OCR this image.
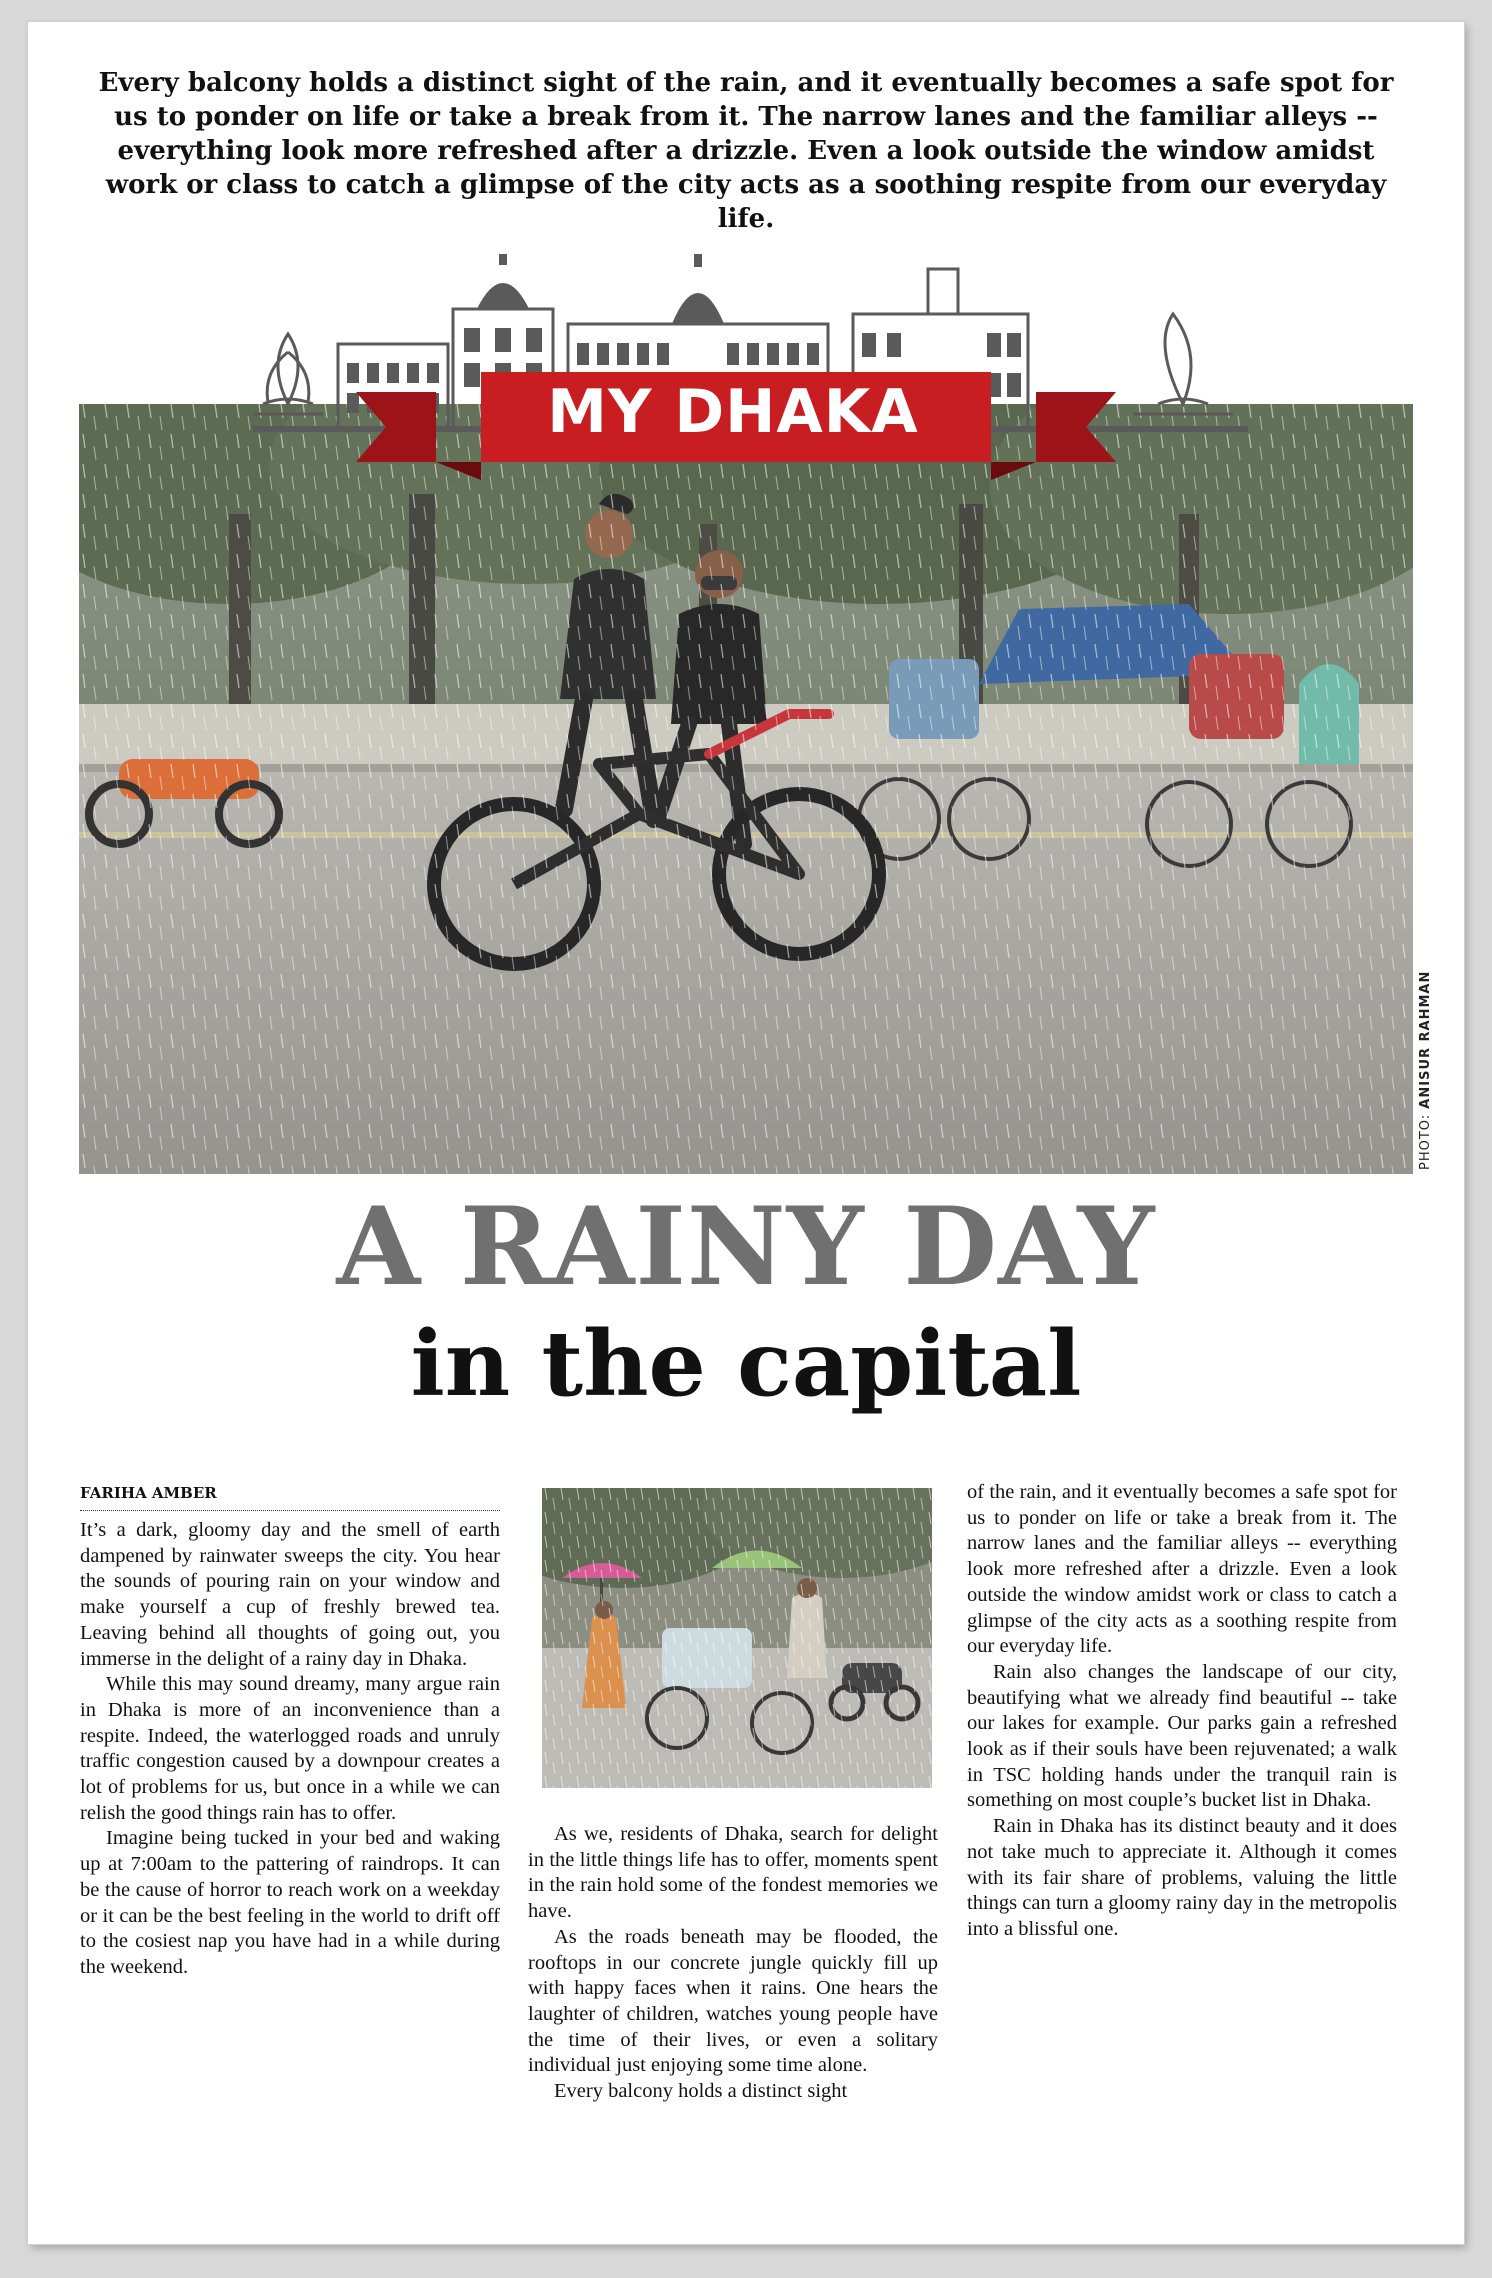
Every balcony holds a distinct sight of the rain, and it eventually becomes a safe spot for us to ponder on life or take a break from it. The narrow lanes and the familiar alleys -- everything look more refreshed after a drizzle. Even a look outside the window amidst work or class to catch a glimpse of the city acts as a soothing respite from our everyday life.

MY DHAKA
PHOTO: ANISUR RAHMAN
A RAINY DAY
in the capital
FARIHA AMBER

It’s a dark, gloomy day and the smell of earth dampened by rainwater sweeps the city. You hear the sounds of pouring rain on your window and make yourself a cup of freshly brewed tea. Leaving behind all thoughts of going out, you immerse in the delight of a rainy day in Dhaka.

While this may sound dreamy, many argue rain in Dhaka is more of an inconvenience than a respite. Indeed, the waterlogged roads and unruly traffic congestion caused by a downpour creates a lot of problems for us, but once in a while we can relish the good things rain has to offer.

Imagine being tucked in your bed and waking up at 7:00am to the pattering of raindrops. It can be the cause of horror to reach work on a weekday or it can be the best feeling in the world to drift off to the cosiest nap you have had in a while during the weekend.

As we, residents of Dhaka, search for delight in the little things life has to offer, moments spent in the rain hold some of the fondest memories we have.

As the roads beneath may be flooded, the rooftops in our concrete jungle quickly fill up with happy faces when it rains. One hears the laughter of children, watches young people have the time of their lives, or even a solitary individual just enjoying some time alone.

Every balcony holds a distinct sight

of the rain, and it eventually becomes a safe spot for us to ponder on life or take a break from it. The narrow lanes and the familiar alleys -- everything look more refreshed after a drizzle. Even a look outside the window amidst work or class to catch a glimpse of the city acts as a soothing respite from our everyday life.

Rain also changes the landscape of our city, beautifying what we already find beautiful -- take our lakes for example. Our parks gain a refreshed look as if their souls have been rejuvenated; a walk in TSC holding hands under the tranquil rain is something on most couple’s bucket list in Dhaka.

Rain in Dhaka has its distinct beauty and it does not take much to appreciate it. Although it comes with its fair share of problems, valuing the little things can turn a gloomy rainy day in the metropolis into a blissful one.
